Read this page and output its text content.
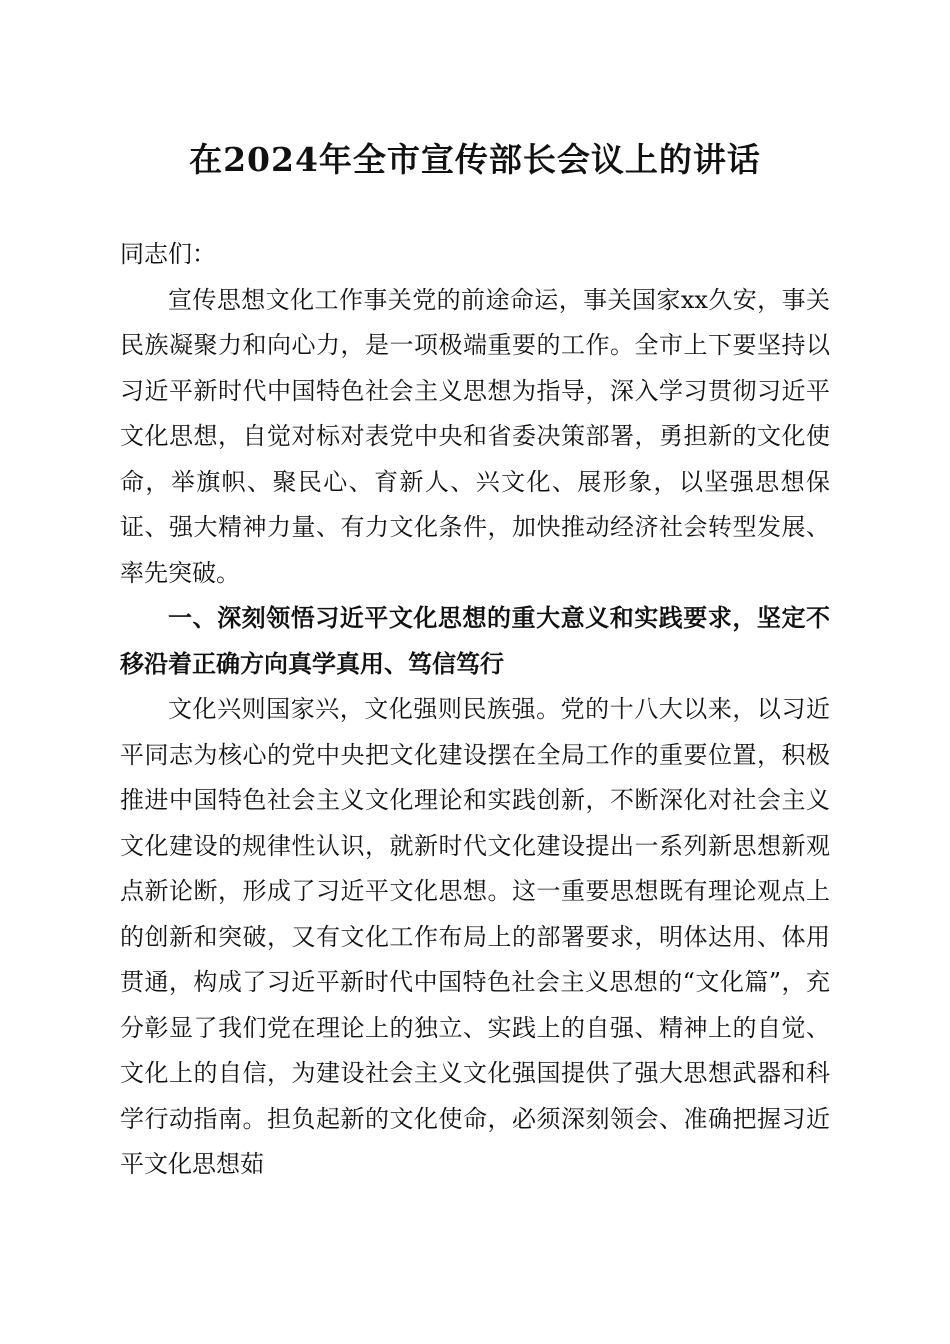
在2024年全市宣传部长会议上的讲话

同志们：

宣传思想文化工作事关党的前途命运，事关国家xx久安，事关民族凝聚力和向心力，是一项极端重要的工作。全市上下要坚持以习近平新时代中国特色社会主义思想为指导，深入学习贯彻习近平文化思想，自觉对标对表党中央和省委决策部署，勇担新的文化使命，举旗帜、聚民心、育新人、兴文化、展形象，以坚强思想保证、强大精神力量、有力文化条件，加快推动经济社会转型发展、率先突破。

一、深刻领悟习近平文化思想的重大意义和实践要求，坚定不移沿着正确方向真学真用、笃信笃行

文化兴则国家兴，文化强则民族强。党的十八大以来，以习近平同志为核心的党中央把文化建设摆在全局工作的重要位置，积极推进中国特色社会主义文化理论和实践创新，不断深化对社会主义文化建设的规律性认识，就新时代文化建设提出一系列新思想新观点新论断，形成了习近平文化思想。这一重要思想既有理论观点上的创新和突破，又有文化工作布局上的部署要求，明体达用、体用贯通，构成了习近平新时代中国特色社会主义思想的“文化篇”，充分彰显了我们党在理论上的独立、实践上的自强、精神上的自觉、文化上的自信，为建设社会主义文化强国提供了强大思想武器和科学行动指南。担负起新的文化使命，必须深刻领会、准确把握习近平文化思想茹
